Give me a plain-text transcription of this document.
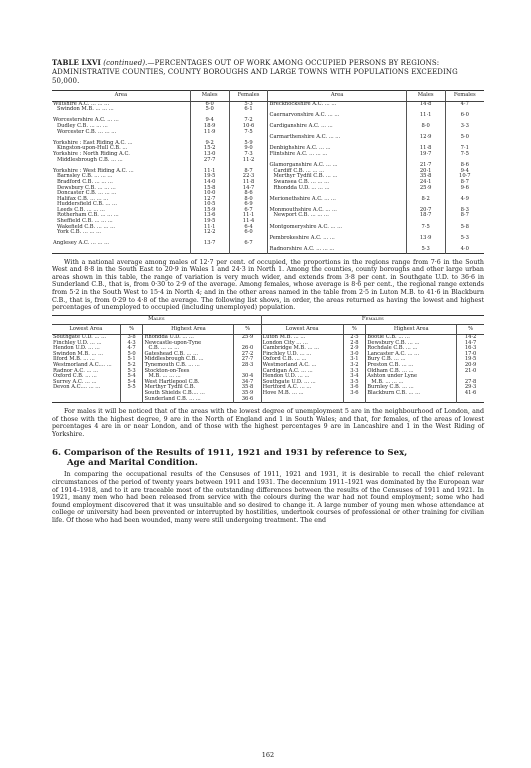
TABLE LXVI (continued).—PERCENTAGES OUT OF WORK AMONG OCCUPIED PERSONS BY REGIONS: ADMINISTRATIVE COUNTIES, COUNTY BOROUGHS AND LARGE TOWNS WITH POPULATIONS EXCEEDING 50,000.
Area	Males	Females	Area	Males	Females
Wiltshire A.C. ... ... ...	6·0	5·3	Brecknockshire A.C. ... ...	14·8	4·7
Swindon M.B. ... ... ...	5·0	6·1			
			Caernarvonshire A.C. ... ...	11·1	6·0
Worcestershire A.C. ... ...	9·4	7·2			
Dudley C.B. ... ... ...	18·9	10·6	Cardiganshire A.C. ... ...	8·0	3·3
Worcester C.B. ... ... ...	11·9	7·5			
			Carmarthenshire A.C. ... ...	12·9	5·0
Yorkshire : East Riding A.C. ...	9·2	5·9			
Kingston-upon-Hull C.B. ...	15·2	9·0	Denbighshire A.C. ... ...	11·8	7·1

Yorkshire : North Riding A.C.	13·0	7·3	Flintshire A.C. ... ... ...	19·7	7·5
Middlesbrough C.B. ... ...	27·7	11·2			
			Glamorganshire A.C. ... ...	21·7	8·6
Yorkshire : West Riding A.C. ...	11·1	8·7	Cardiff C.B. ... ... ...	20·1	9·4
Barnsley C.B. ... ... ...	19·5	22·3	Merthyr Tydfil C.B. ... ...	35·8	10·7
Bradford C.B. ... ... ...	14·0	11·8	Swansea C.B. ... ... ...	24·1	8·7
Dewsbury C.B. ... ... ...	15·8	14·7	Rhondda U.D. ... ... ...	25·9	9·6
Doncaster C.B. ... ... ...	10·0	8·6			
Halifax C.B. ... ... ...	12·7	8·0	Merionethshire A.C. ... ...	8·2	4·9
Huddersfield C.B. ... ...	10·5	6·9			
Leeds C.B. ... ... ...	15·9	6·7	Monmouthshire A.C. ... ...	20·7	8·3
Rotherham C.B. ... ... ...	13·6	11·1	Newport C.B. ... ... ...	18·7	8·7
Sheffield C.B. ... ... ...	19·5	11·4			
Wakefield C.B. ... ... ...	11·1	6·4	Montgomeryshire A.C. ... ...	7·5	5·8
York C.B. ... ... ...	12·2	6·0			
			Pembrokeshire A.C. ... ...	13·9	5·3
Anglesey A.C. ... ... ...	13·7	6·7			
			Radnorshire A.C. ... ... ...	5·3	4·0

With a national average among males of 12·7 per cent. of occupied, the proportions in the regions range from 7·6 in the South West and 8·8 in the South East to 20·9 in Wales 1 and 24·3 in North 1. Among the counties, county boroughs and other large urban areas shown in this table, the range of variation is very much wider, and extends from 3·8 per cent. in Southgate U.D. to 36·6 in Sunderland C.B., that is, from 0·30 to 2·9 of the average. Among females, whose average is 8·6 per cent., the regional range extends from 5·2 in the South West to 15·4 in North 4; and in the other areas named in the table from 2·5 in Luton M.B. to 41·6 in Blackburn C.B., that is, from 0·29 to 4·8 of the average. The following list shows, in order, the areas returned as having the lowest and highest percentages of unemployed to occupied (including unemployed) population.

Males				Females			
Lowest Area	%	Highest Area	%	Lowest Area	%	Highest Area	%
Southgate U.D. ... ...	3·8	Rhondda U.D. ... ...	25·9	Luton M.B. ... ...	2·5	Bootle C.B. ... ...	14·2
Finchley U.D. ... ...	4·3	Newcastle-upon-Tyne		London City ... ...	2·8	Dewsbury C.B. ... ...	14·7
Hendon U.D. ... ...	4·7	C.B. ... ... ...	26·0	Cambridge M.B. ... ...	2·9	Rochdale C.B. ... ...	16·3
Swindon M.B. ... ...	5·0	Gateshead C.B. ... ...	27·2	Finchley U.D. ... ...	3·0	Lancaster A.C. ... ...	17·0
Ilford M.B. ... ...	5·1	Middlesbrough C.B. ...	27·7	Oxford C.B. ... ...	3·1	Bury C.B. ... ...	19·5
Westmorland A.C.... ...	5·2	Tynemouth C.B. ... ...	28·3	Westmorland A.C. ...	3·2	Preston C.B. ... ...	20·9
Radnor A.C. ... ...	5·3	Stockton-on-Tees		Cardigan A.C. ... ...	3·3	Oldham C.B. ... ...	21·0
Oxford C.B. ... ...	5·4	M.B. ... ... ...	30·4	Hendon U.D. ... ...	3·4	Ashton under Lyne	
Surrey A.C. ... ...	5·4	West Hartlepool C.B.	34·7	Southgate U.D. ... ...	3·5	M.B. ... ... ...	27·8
Devon A.C.... ... ...	5·5	Merthyr Tydfil C.B.	35·8	Hertford A.C. ... ...	3·6	Burnley C.B. ... ...	29·3
		South Shields C.B.... ...	35·9	Hove M.B. ... ...	3·6	Blackburn C.B. ... ...	41·6
		Sunderland C.B. ... ...	36·6				

For males it will be noticed that of the areas with the lowest degree of unemployment 5 are in the neighbourhood of London, and of those with the highest degree, 9 are in the North of England and 1 in South Wales; and that, for females, of the areas of lowest percentages 4 are in or near London, and of those with the highest percentages 9 are in Lancashire and 1 in the West Riding of Yorkshire.

6. Comparison of the Results of 1911, 1921 and 1931 by reference to Sex,
Age and Marital Condition.

In comparing the occupational results of the Censuses of 1911, 1921 and 1931, it is desirable to recall the chief relevant circumstances of the period of twenty years between 1911 and 1931. The decennium 1911–1921 was dominated by the European war of 1914–1918, and to it are traceable most of the outstanding differences between the results of the Censuses of 1911 and 1921. In 1921, many men who had been released from service with the colours during the war had not found employment; some who had found employment discovered that it was unsuitable and so desired to change it. A large number of young men whose attendance at college or university had been prevented or interrupted by hostilities, undertook courses of professional or other training for civilian life. Of those who had been wounded, many were still undergoing treatment. The end

162
